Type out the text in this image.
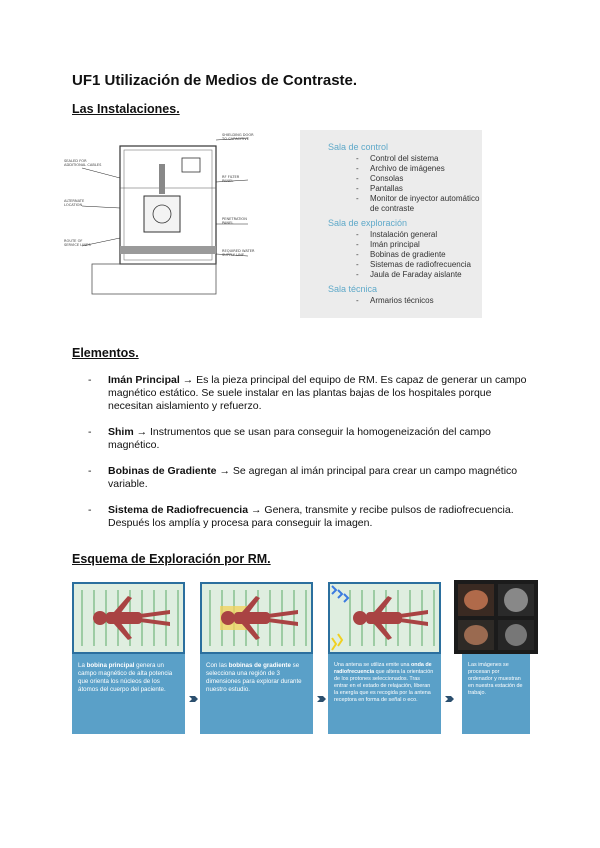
UF1 Utilización de Medios de Contraste.
Las Instalaciones.
SEALED FOR
ADDITIONAL CABLES
ALTERNATE
LOCATION
ROUTE OF
SERVICE LINES
SHIELDING DOOR
TO CAPACITIVE
RF FILTER
PANEL
PENETRATION
PANEL
REQUIRED WATER
SUPPLY LINE

Sala de control

- Control del sistema
- Archivo de imágenes
- Consolas
- Pantallas
- Monitor de inyector automático de contraste

Sala de exploración

- Instalación general
- Imán principal
- Bobinas de gradiente
- Sistemas de radiofrecuencia
- Jaula de Faraday aislante

Sala técnica

- Armarios técnicos
Elementos.
- Imán Principal → Es la pieza principal del equipo de RM. Es capaz de generar un campo magnético estático. Se suele instalar en las plantas bajas de los hospitales porque necesitan aislamiento y refuerzo.
- Shim → Instrumentos que se usan para conseguir la homogeneización del campo magnético.
- Bobinas de Gradiente → Se agregan al imán principal para crear un campo magnético variable.
- Sistema de Radiofrecuencia → Genera, transmite y recibe pulsos de radiofrecuencia. Después los amplía y procesa para conseguir la imagen.
Esquema de Exploración por RM.
La bobina principal genera un campo magnético de alta potencia que orienta los núcleos de los átomos del cuerpo del paciente.
Con las bobinas de gradiente se selecciona una región de 3 dimensiones para explorar durante nuestro estudio.
Una antena se utiliza emite una onda de radiofrecuencia que altera la orientación de los protones seleccionados. Tras entrar en el estado de relajación, liberan la energía que es recogida por la antena receptora en forma de señal o eco.
Las imágenes se procesan por ordenador y muestran en nuestra estación de trabajo.
